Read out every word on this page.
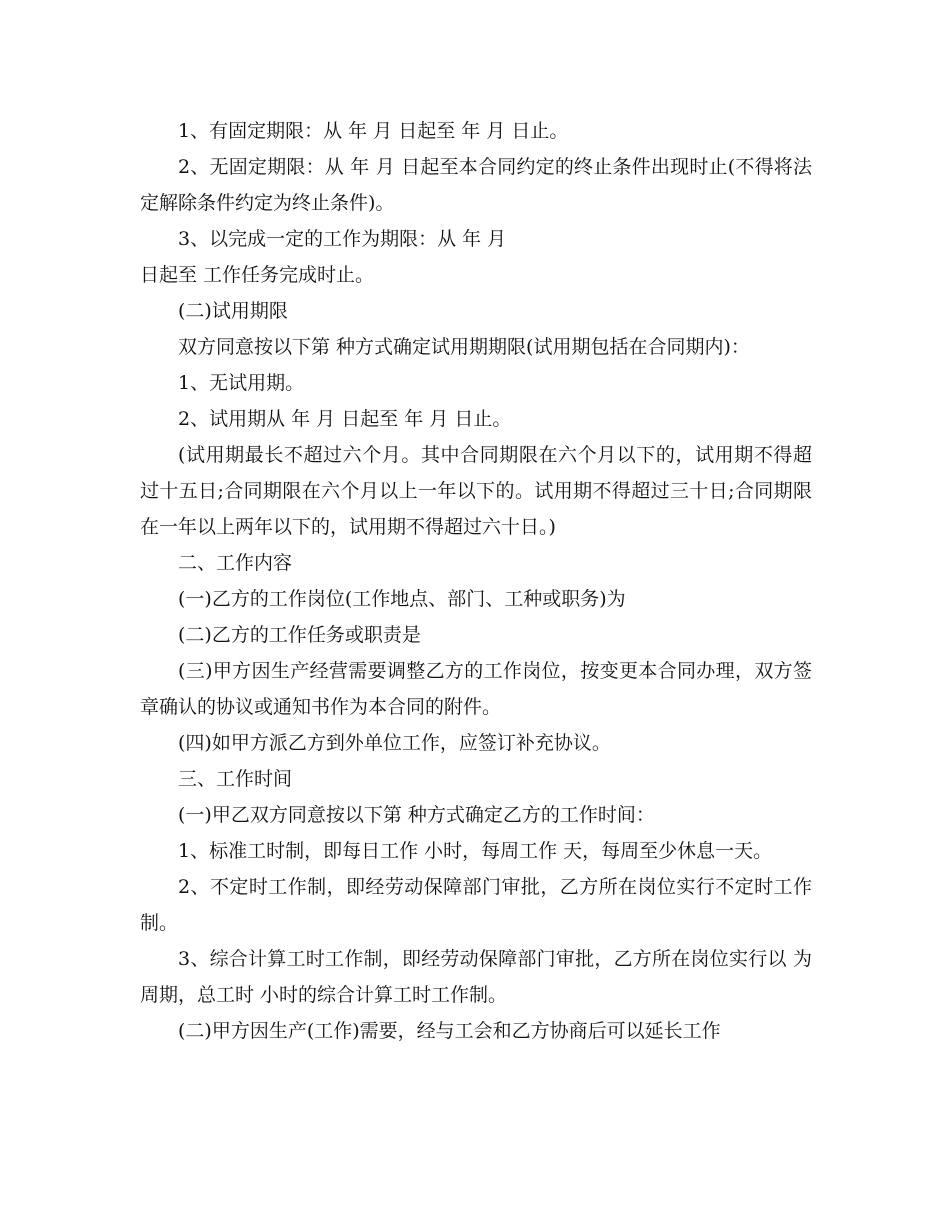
1、有固定期限：从 年 月 日起至 年 月 日止。

2、无固定期限：从 年 月 日起至本合同约定的终止条件出现时止(不得将法定解除条件约定为终止条件)。

3、以完成一定的工作为期限：从 年 月

日起至 工作任务完成时止。

(二)试用期限

双方同意按以下第 种方式确定试用期期限(试用期包括在合同期内)：

1、无试用期。

2、试用期从 年 月 日起至 年 月 日止。

(试用期最长不超过六个月。其中合同期限在六个月以下的，试用期不得超过十五日;合同期限在六个月以上一年以下的。试用期不得超过三十日;合同期限在一年以上两年以下的，试用期不得超过六十日。)

二、工作内容

(一)乙方的工作岗位(工作地点、部门、工种或职务)为

(二)乙方的工作任务或职责是

(三)甲方因生产经营需要调整乙方的工作岗位，按变更本合同办理，双方签章确认的协议或通知书作为本合同的附件。

(四)如甲方派乙方到外单位工作，应签订补充协议。

三、工作时间

(一)甲乙双方同意按以下第 种方式确定乙方的工作时间：

1、标准工时制，即每日工作 小时，每周工作 天，每周至少休息一天。

2、不定时工作制，即经劳动保障部门审批，乙方所在岗位实行不定时工作制。

3、综合计算工时工作制，即经劳动保障部门审批，乙方所在岗位实行以 为周期，总工时 小时的综合计算工时工作制。

(二)甲方因生产(工作)需要，经与工会和乙方协商后可以延长工作
